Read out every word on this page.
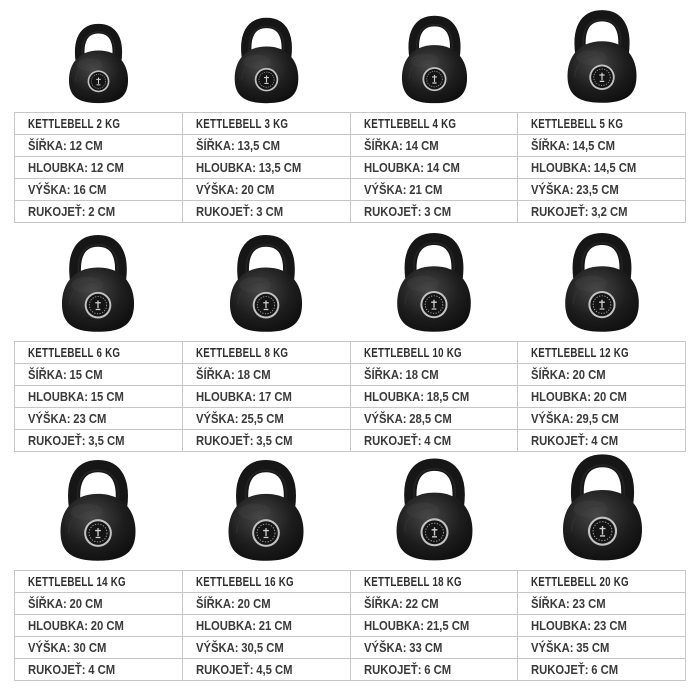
KETTLEBELL 2 KG	KETTLEBELL 3 KG	KETTLEBELL 4 KG	KETTLEBELL 5 KG
ŠÍŘKA: 12 CM	ŠÍŘKA: 13,5 CM	ŠÍŘKA: 14 CM	ŠÍŘKA: 14,5 CM
HLOUBKA: 12 CM	HLOUBKA: 13,5 CM	HLOUBKA: 14 CM	HLOUBKA: 14,5 CM
VÝŠKA: 16 CM	VÝŠKA: 20 CM	VÝŠKA: 21 CM	VÝŠKA: 23,5 CM
RUKOJEŤ: 2 CM	RUKOJEŤ: 3 CM	RUKOJEŤ: 3 CM	RUKOJEŤ: 3,2 CM
KETTLEBELL 6 KG	KETTLEBELL 8 KG	KETTLEBELL 10 KG	KETTLEBELL 12 KG
ŠÍŘKA: 15 CM	ŠÍŘKA: 18 CM	ŠÍŘKA: 18 CM	ŠÍŘKA: 20 CM
HLOUBKA: 15 CM	HLOUBKA: 17 CM	HLOUBKA: 18,5 CM	HLOUBKA: 20 CM
VÝŠKA: 23 CM	VÝŠKA: 25,5 CM	VÝŠKA: 28,5 CM	VÝŠKA: 29,5 CM
RUKOJEŤ: 3,5 CM	RUKOJEŤ: 3,5 CM	RUKOJEŤ: 4 CM	RUKOJEŤ: 4 CM
KETTLEBELL 14 KG	KETTLEBELL 16 KG	KETTLEBELL 18 KG	KETTLEBELL 20 KG
ŠÍŘKA: 20 CM	ŠÍŘKA: 20 CM	ŠÍŘKA: 22 CM	ŠÍŘKA: 23 CM
HLOUBKA: 20 CM	HLOUBKA: 21 CM	HLOUBKA: 21,5 CM	HLOUBKA: 23 CM
VÝŠKA: 30 CM	VÝŠKA: 30,5 CM	VÝŠKA: 33 CM	VÝŠKA: 35 CM
RUKOJEŤ: 4 CM	RUKOJEŤ: 4,5 CM	RUKOJEŤ: 6 CM	RUKOJEŤ: 6 CM
